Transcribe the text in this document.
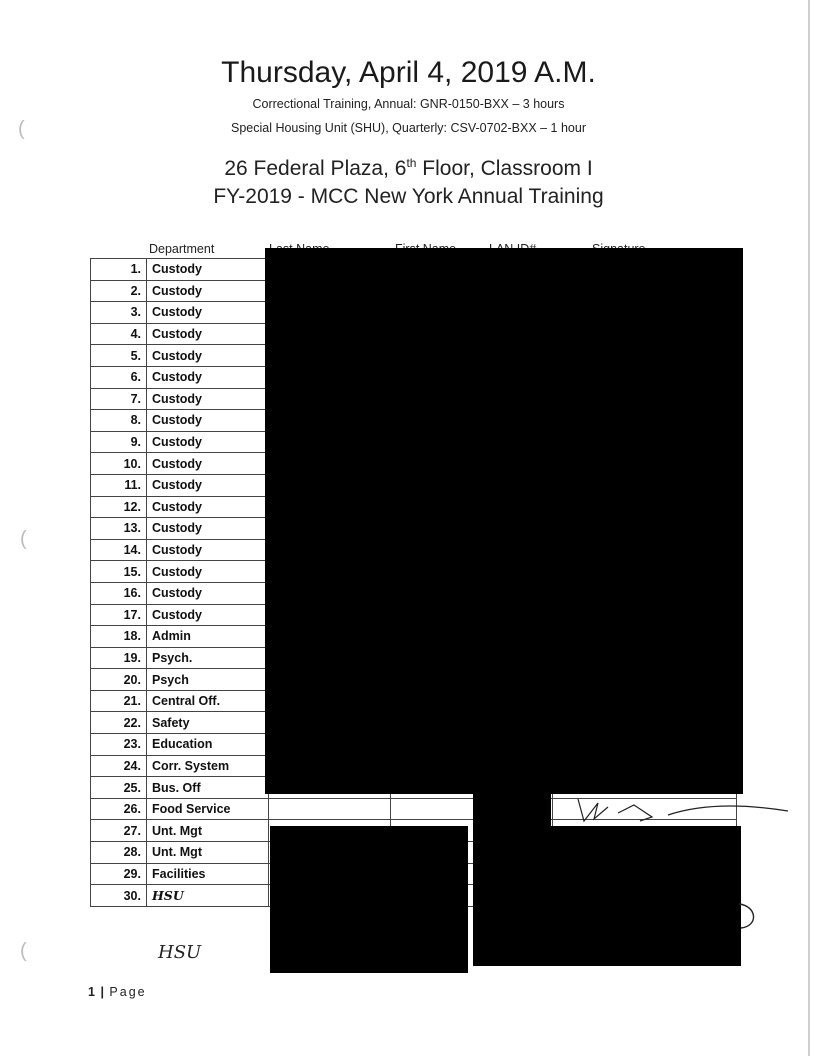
(
(
(
Thursday, April 4, 2019 A.M.
Correctional Training, Annual: GNR-0150-BXX – 3 hours
Special Housing Unit (SHU), Quarterly: CSV-0702-BXX – 1 hour
26 Federal Plaza, 6th Floor, Classroom I
FY-2019 - MCC New York Annual Training
Department
1.	Custody				
2.	Custody				
3.	Custody				
4.	Custody				
5.	Custody				
6.	Custody				
7.	Custody				
8.	Custody				
9.	Custody				
10.	Custody				
11.	Custody				
12.	Custody				
13.	Custody				
14.	Custody				
15.	Custody				
16.	Custody				
17.	Custody				
18.	Admin				
19.	Psych.				
20.	Psych				
21.	Central Off.				
22.	Safety				
23.	Education				
24.	Corr. System				
25.	Bus. Off				
26.	Food Service				
27.	Unt. Mgt				
28.	Unt. Mgt				
29.	Facilities				
30.	HSU				
HSU
1 | Page
